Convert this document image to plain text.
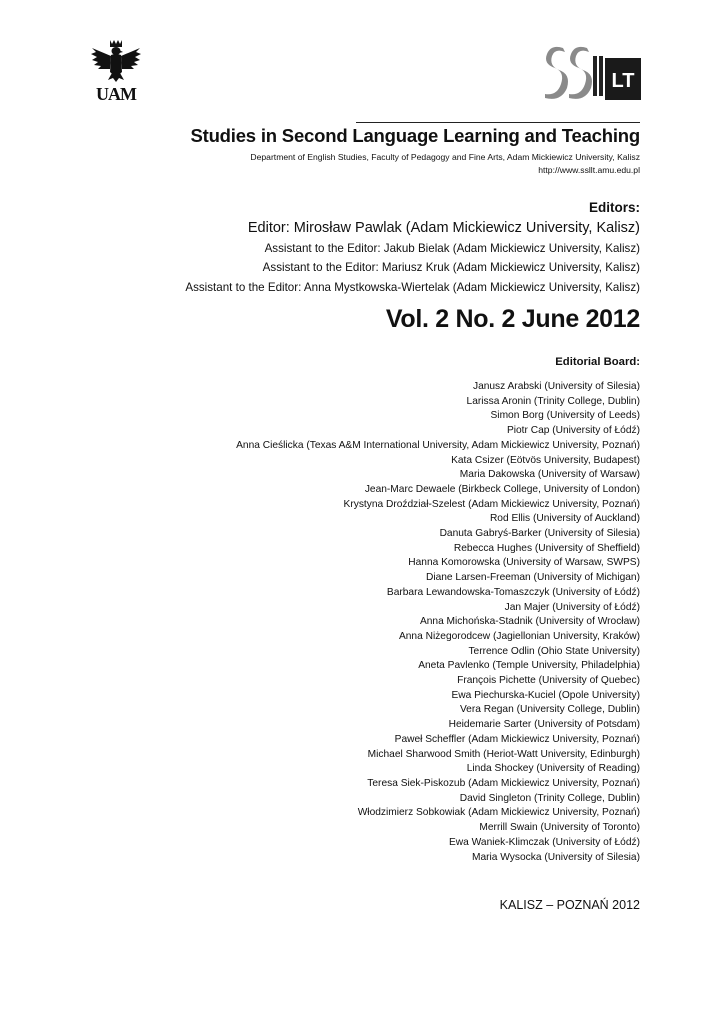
UAM
LT
Studies in Second Language Learning and Teaching
Department of English Studies, Faculty of Pedagogy and Fine Arts, Adam Mickiewicz University, Kalisz
http://www.ssllt.amu.edu.pl
Editors:
Editor: Mirosław Pawlak (Adam Mickiewicz University, Kalisz)
Assistant to the Editor: Jakub Bielak (Adam Mickiewicz University, Kalisz)
Assistant to the Editor: Mariusz Kruk (Adam Mickiewicz University, Kalisz)
Assistant to the Editor: Anna Mystkowska-Wiertelak (Adam Mickiewicz University, Kalisz)
Vol. 2 No. 2 June 2012
Editorial Board:
Janusz Arabski (University of Silesia)
Larissa Aronin (Trinity College, Dublin)
Simon Borg (University of Leeds)
Piotr Cap (University of Łódź)
Anna Cieślicka (Texas A&M International University, Adam Mickiewicz University, Poznań)
Kata Csizer (Eötvös University, Budapest)
Maria Dakowska (University of Warsaw)
Jean-Marc Dewaele (Birkbeck College, University of London)
Krystyna Droździał-Szelest (Adam Mickiewicz University, Poznań)
Rod Ellis (University of Auckland)
Danuta Gabryś-Barker (University of Silesia)
Rebecca Hughes (University of Sheffield)
Hanna Komorowska (University of Warsaw, SWPS)
Diane Larsen-Freeman (University of Michigan)
Barbara Lewandowska-Tomaszczyk (University of Łódź)
Jan Majer (University of Łódź)
Anna Michońska-Stadnik (University of Wrocław)
Anna Niżegorodcew (Jagiellonian University, Kraków)
Terrence Odlin (Ohio State University)
Aneta Pavlenko (Temple University, Philadelphia)
François Pichette (University of Quebec)
Ewa Piechurska-Kuciel (Opole University)
Vera Regan (University College, Dublin)
Heidemarie Sarter (University of Potsdam)
Paweł Scheffler (Adam Mickiewicz University, Poznań)
Michael Sharwood Smith (Heriot-Watt University, Edinburgh)
Linda Shockey (University of Reading)
Teresa Siek-Piskozub (Adam Mickiewicz University, Poznań)
David Singleton (Trinity College, Dublin)
Włodzimierz Sobkowiak (Adam Mickiewicz University, Poznań)
Merrill Swain (University of Toronto)
Ewa Waniek-Klimczak (University of Łódź)
Maria Wysocka (University of Silesia)
KALISZ – POZNAŃ 2012
